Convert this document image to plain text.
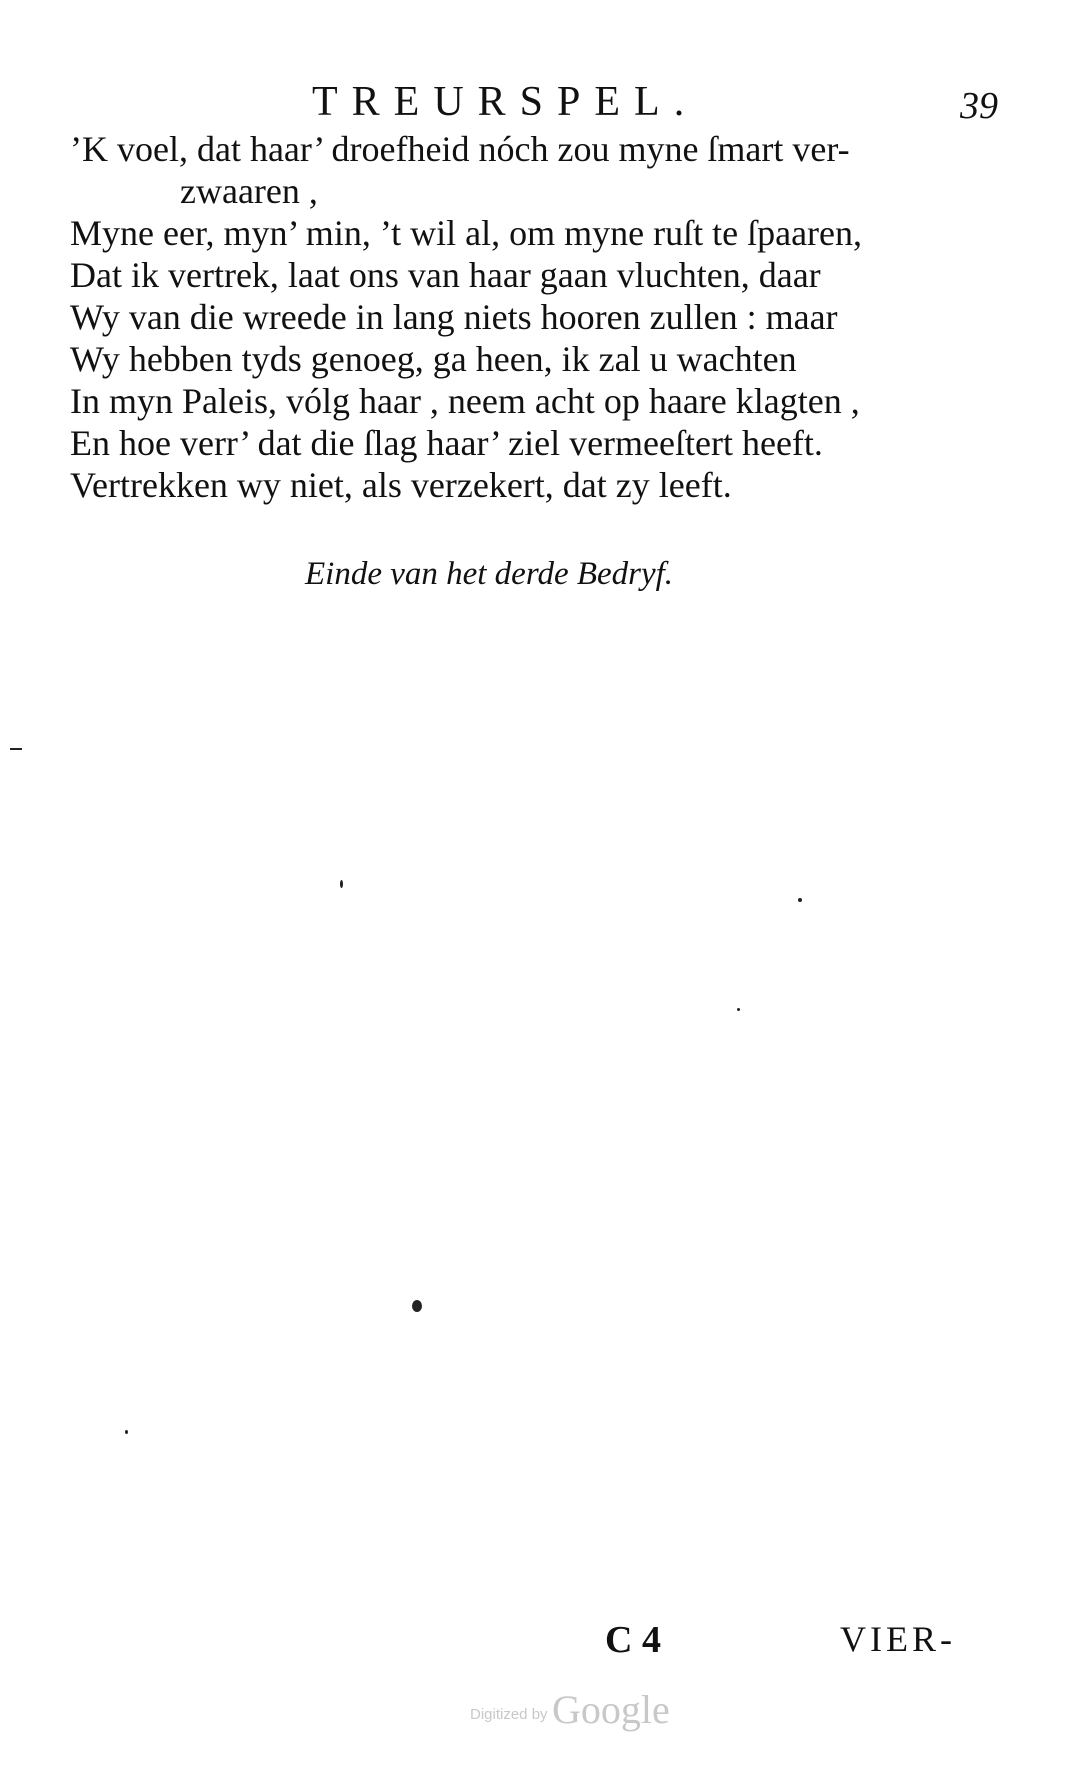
TREURSPEL.	39
’K voel, dat haar’ droefheid nóch zou myne ſmart ver-
zwaaren ,
Myne eer, myn’ min, ’t wil al, om myne ruſt te ſpaaren,
Dat ik vertrek, laat ons van haar gaan vluchten, daar
Wy van die wreede in lang niets hooren zullen : maar
Wy hebben tyds genoeg, ga heen, ik zal u wachten
In myn Paleis, vólg haar , neem acht op haare klagten ,
En hoe verr’ dat die ſlag haar’ ziel vermeeſtert heeft.
Vertrekken wy niet, als verzekert, dat zy leeft.
Einde van het derde Bedryf.
C 4	VIER-
Digitized by Google
